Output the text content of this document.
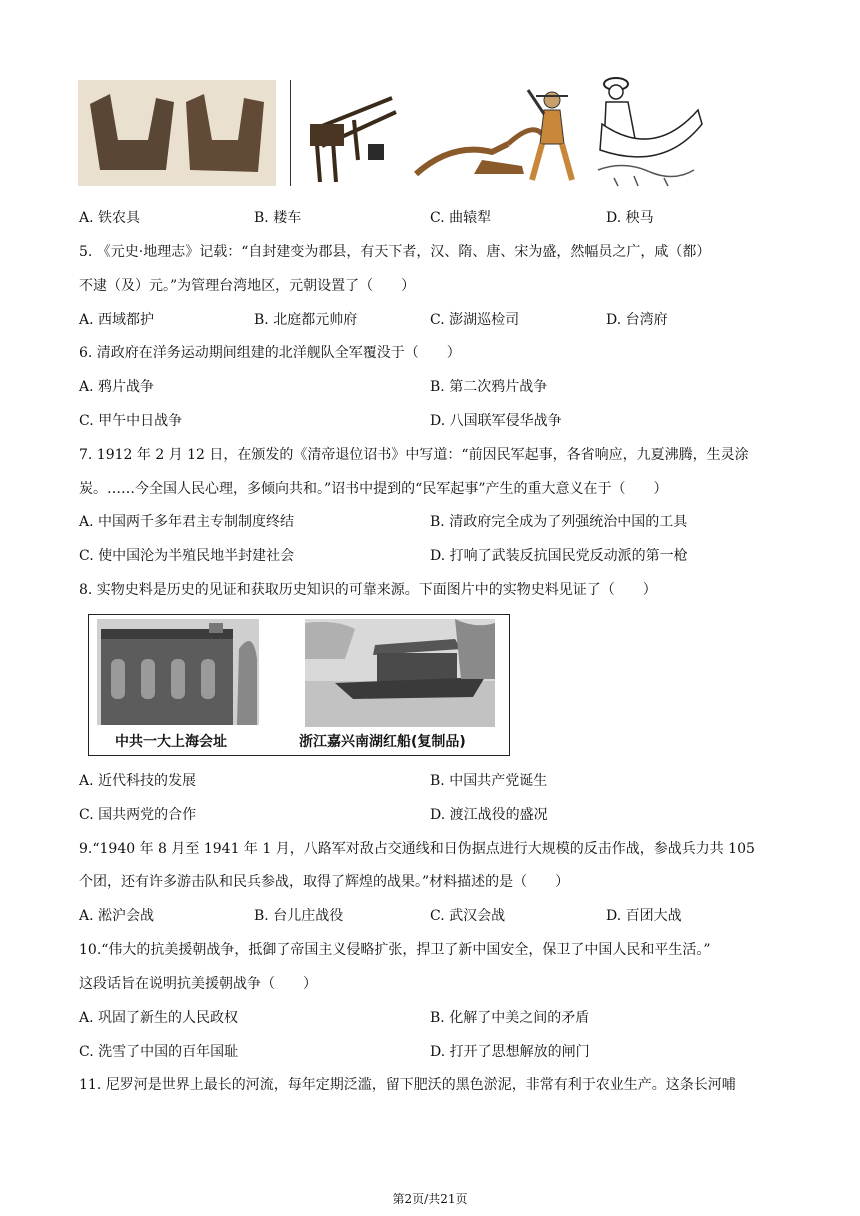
A. 铁农具	B. 耧车	C. 曲辕犁	D. 秧马
5. 《元史·地理志》记载：“自封建变为郡县，有天下者，汉、隋、唐、宋为盛，然幅员之广，咸（都）
不逮（及）元。”为管理台湾地区，元朝设置了（　　）
A. 西域都护	B. 北庭都元帅府	C. 澎湖巡检司	D. 台湾府
6. 清政府在洋务运动期间组建的北洋舰队全军覆没于（　　）
A. 鸦片战争	B. 第二次鸦片战争
C. 甲午中日战争	D. 八国联军侵华战争
7. 1912 年 2 月 12 日，在颁发的《清帝退位诏书》中写道：“前因民军起事，各省响应，九夏沸腾，生灵涂
炭。……今全国人民心理，多倾向共和。”诏书中提到的“民军起事”产生的重大意义在于（　　）
A. 中国两千多年君主专制制度终结	B. 清政府完全成为了列强统治中国的工具
C. 使中国沦为半殖民地半封建社会	D. 打响了武装反抗国民党反动派的第一枪
8. 实物史料是历史的见证和获取历史知识的可靠来源。下面图片中的实物史料见证了（　　）
中共一大上海会址	浙江嘉兴南湖红船(复制品)
A. 近代科技的发展	B. 中国共产党诞生
C. 国共两党的合作	D. 渡江战役的盛况
9.“1940 年 8 月至 1941 年 1 月，八路军对敌占交通线和日伪据点进行大规模的反击作战，参战兵力共 105
个团，还有许多游击队和民兵参战，取得了辉煌的战果。”材料描述的是（　　）
A. 淞沪会战	B. 台儿庄战役	C. 武汉会战	D. 百团大战
10.“伟大的抗美援朝战争，抵御了帝国主义侵略扩张，捍卫了新中国安全，保卫了中国人民和平生活。”
这段话旨在说明抗美援朝战争（　　）
A. 巩固了新生的人民政权	B. 化解了中美之间的矛盾
C. 洗雪了中国的百年国耻	D. 打开了思想解放的闸门
11. 尼罗河是世界上最长的河流，每年定期泛滥，留下肥沃的黑色淤泥，非常有利于农业生产。这条长河哺
第2页/共21页
